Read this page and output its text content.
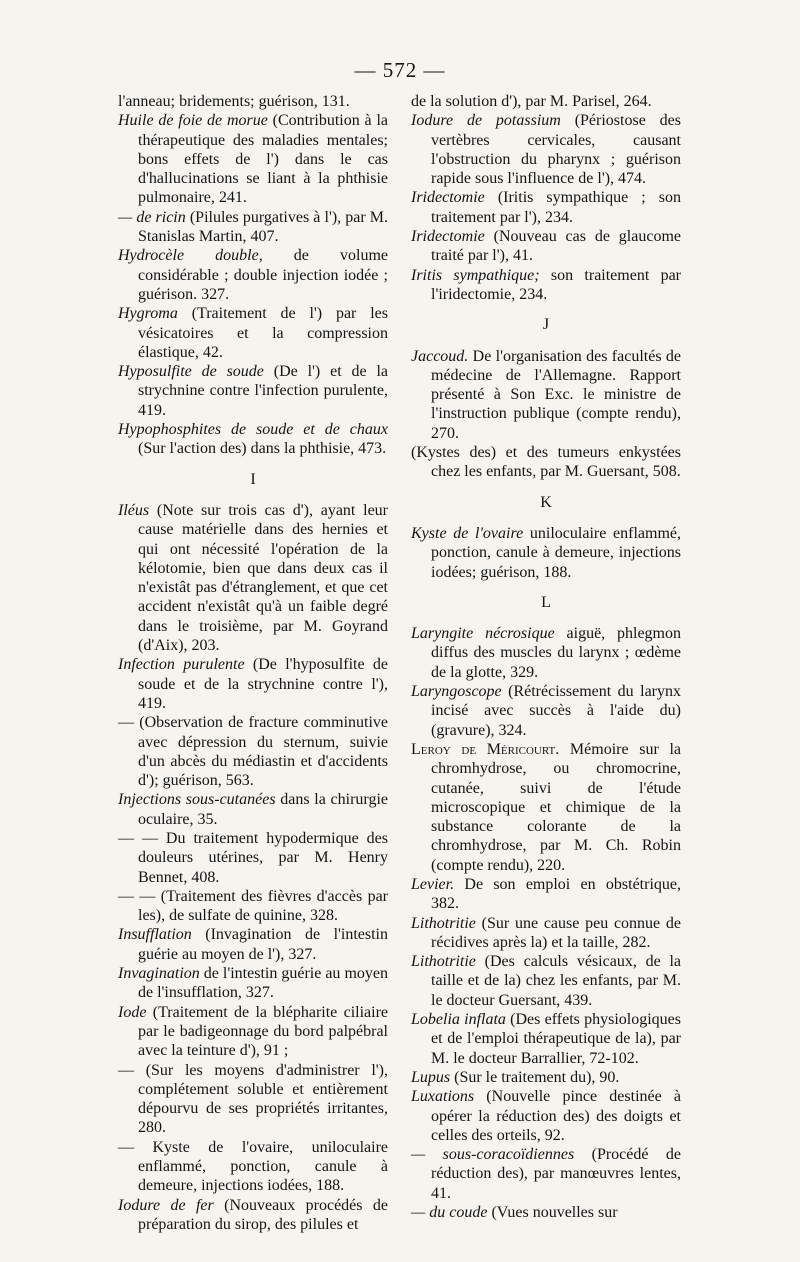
— 572 —

l'anneau; bridements; guérison, 131.

Huile de foie de morue (Contribution à la thérapeutique des maladies mentales; bons effets de l') dans le cas d'hallucinations se liant à la phthisie pulmonaire, 241.

— de ricin (Pilules purgatives à l'), par M. Stanislas Martin, 407.

Hydrocèle double, de volume considérable ; double injection iodée ; guérison. 327.

Hygroma (Traitement de l') par les vésicatoires et la compression élastique, 42.

Hyposulfite de soude (De l') et de la strychnine contre l'infection purulente, 419.

Hypophosphites de soude et de chaux (Sur l'action des) dans la phthisie, 473.

I

Iléus (Note sur trois cas d'), ayant leur cause matérielle dans des hernies et qui ont nécessité l'opération de la kélotomie, bien que dans deux cas il n'existât pas d'étranglement, et que cet accident n'existât qu'à un faible degré dans le troisième, par M. Goyrand (d'Aix), 203.

Infection purulente (De l'hyposulfite de soude et de la strychnine contre l'), 419.

— (Observation de fracture comminutive avec dépression du sternum, suivie d'un abcès du médiastin et d'accidents d'); guérison, 563.

Injections sous-cutanées dans la chirurgie oculaire, 35.

— — Du traitement hypodermique des douleurs utérines, par M. Henry Bennet, 408.

— — (Traitement des fièvres d'accès par les), de sulfate de quinine, 328.

Insufflation (Invagination de l'intestin guérie au moyen de l'), 327.

Invagination de l'intestin guérie au moyen de l'insufflation, 327.

Iode (Traitement de la blépharite ciliaire par le badigeonnage du bord palpébral avec la teinture d'), 91 ;

— (Sur les moyens d'administrer l'), complétement soluble et entièrement dépourvu de ses propriétés irritantes, 280.

— Kyste de l'ovaire, uniloculaire enflammé, ponction, canule à demeure, injections iodées, 188.

Iodure de fer (Nouveaux procédés de préparation du sirop, des pilules et

de la solution d'), par M. Parisel, 264.

Iodure de potassium (Périostose des vertèbres cervicales, causant l'obstruction du pharynx ; guérison rapide sous l'influence de l'), 474.

Iridectomie (Iritis sympathique ; son traitement par l'), 234.

Iridectomie (Nouveau cas de glaucome traité par l'), 41.

Iritis sympathique; son traitement par l'iridectomie, 234.

J

Jaccoud. De l'organisation des facultés de médecine de l'Allemagne. Rapport présenté à Son Exc. le ministre de l'instruction publique (compte rendu), 270.

(Kystes des) et des tumeurs enkystées chez les enfants, par M. Guersant, 508.

K

Kyste de l'ovaire uniloculaire enflammé, ponction, canule à demeure, injections iodées; guérison, 188.

L

Laryngite nécrosique aiguë, phlegmon diffus des muscles du larynx ; œdème de la glotte, 329.

Laryngoscope (Rétrécissement du larynx incisé avec succès à l'aide du) (gravure), 324.

Leroy de Méricourt. Mémoire sur la chromhydrose, ou chromocrine, cutanée, suivi de l'étude microscopique et chimique de la substance colorante de la chromhydrose, par M. Ch. Robin (compte rendu), 220.

Levier. De son emploi en obstétrique, 382.

Lithotritie (Sur une cause peu connue de récidives après la) et la taille, 282.

Lithotritie (Des calculs vésicaux, de la taille et de la) chez les enfants, par M. le docteur Guersant, 439.

Lobelia inflata (Des effets physiologiques et de l'emploi thérapeutique de la), par M. le docteur Barrallier, 72-102.

Lupus (Sur le traitement du), 90.

Luxations (Nouvelle pince destinée à opérer la réduction des) des doigts et celles des orteils, 92.

— sous-coracoïdiennes (Procédé de réduction des), par manœuvres lentes, 41.

— du coude (Vues nouvelles sur
